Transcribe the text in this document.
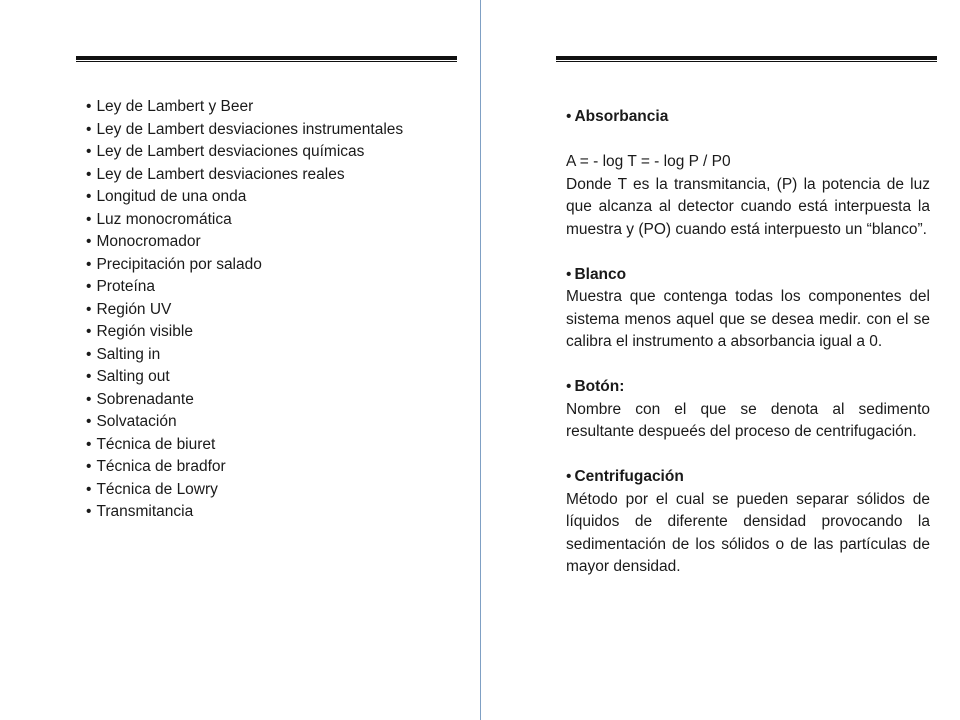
• Ley de Lambert y Beer
• Ley de Lambert desviaciones instrumentales
• Ley de Lambert desviaciones químicas
• Ley de Lambert desviaciones reales
• Longitud de una onda
• Luz monocromática
• Monocromador
• Precipitación por salado
• Proteína
• Región UV
• Región visible
• Salting in
• Salting out
• Sobrenadante
• Solvatación
• Técnica de biuret
• Técnica de bradfor
• Técnica de Lowry
• Transmitancia
• Absorbancia

A = - log T = - log P / P0
Donde T es la transmitancia, (P) la potencia de luz que alcanza al detector cuando está interpuesta la muestra y (PO) cuando está interpuesto un “blanco”.

• Blanco

Muestra que contenga todas los componentes del sistema menos aquel que se desea medir. con el se calibra el instrumento a absorbancia igual a 0.

• Botón:

Nombre con el que se denota al sedimento resultante despueés del proceso de centrifugación.

• Centrifugación

Método por el cual se pueden separar sólidos de líquidos de diferente densidad provocando la sedimentación de los sólidos o de las partículas de mayor densidad.
